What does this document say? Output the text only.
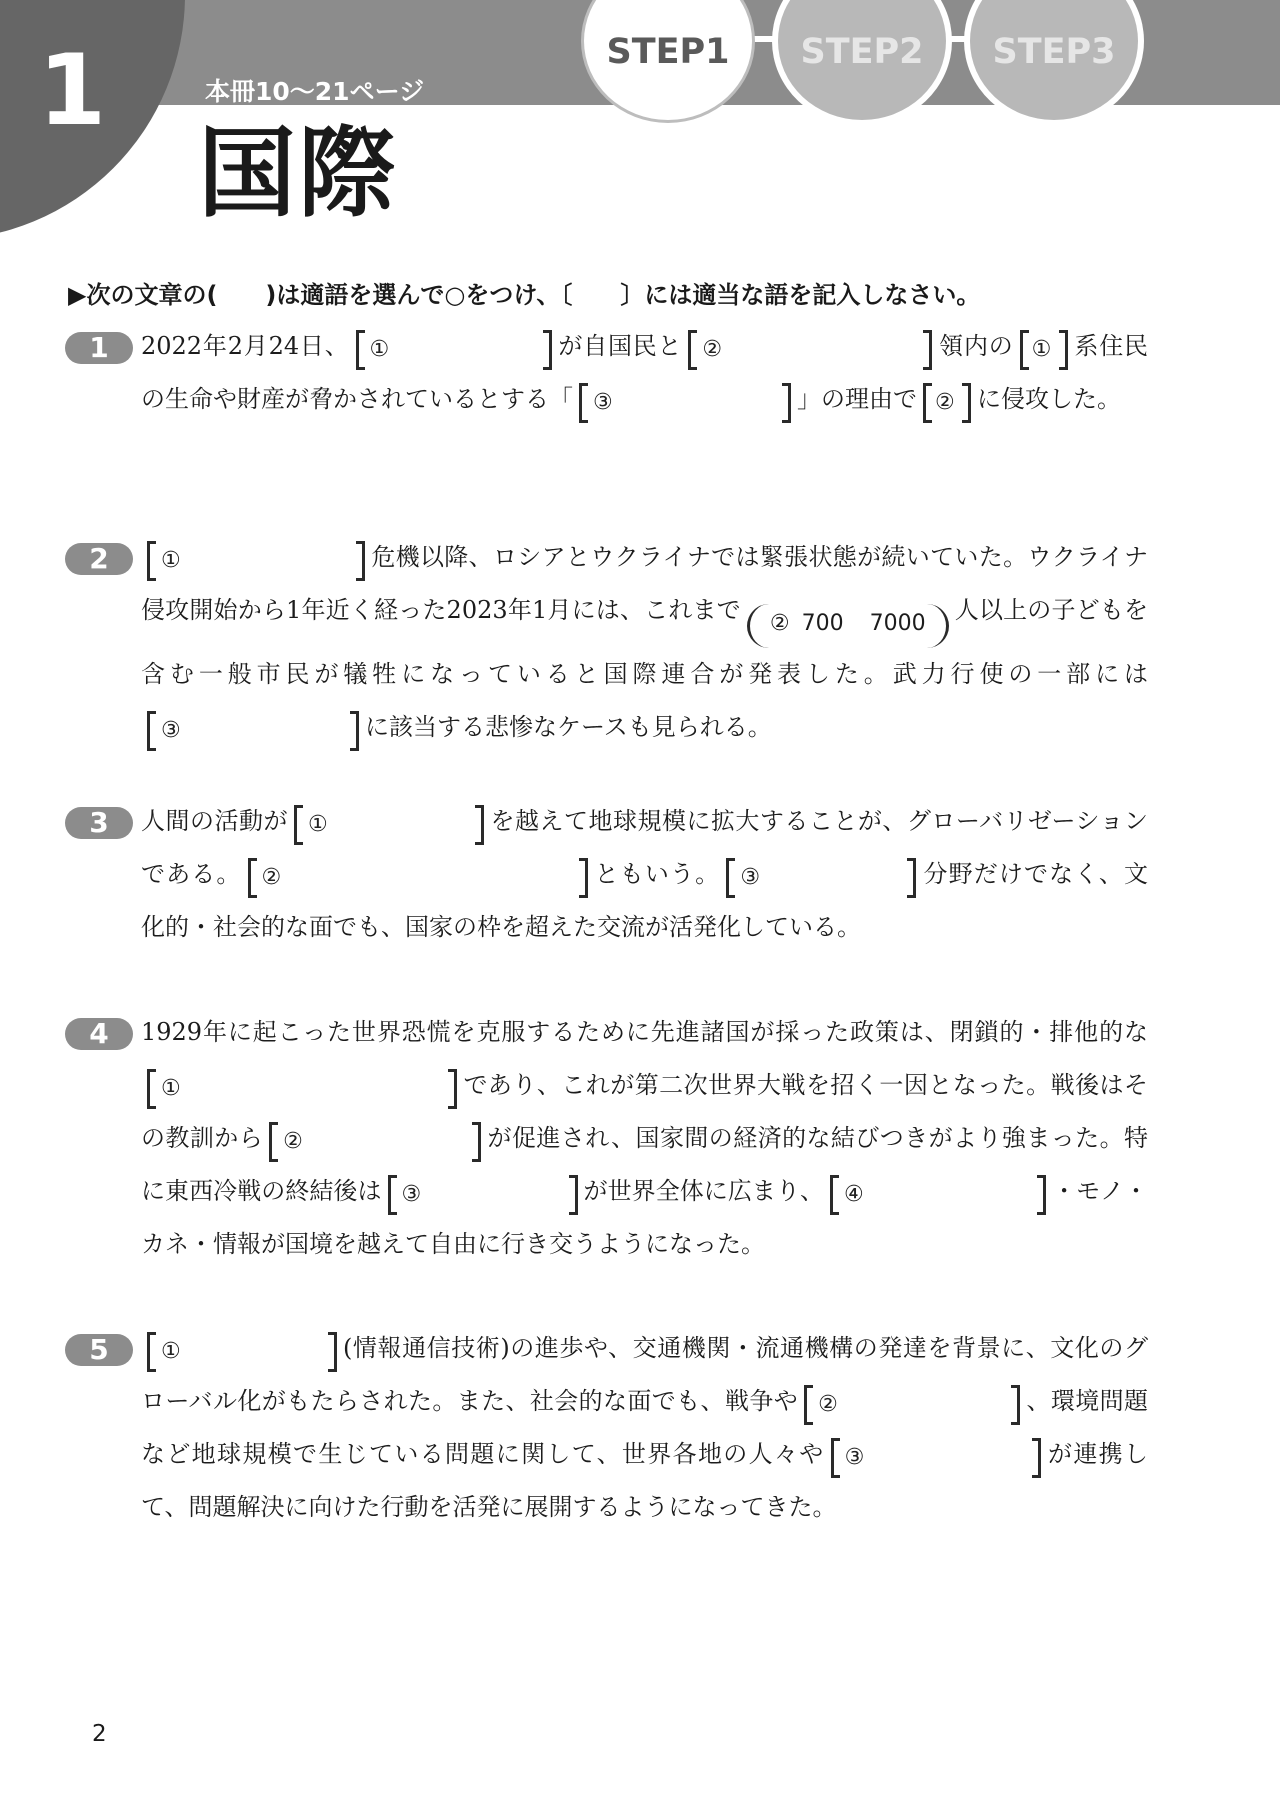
1	本冊10〜21ページ
国際
STEP1 STEP2 STEP3
▶次の文章の(　　)は適語を選んで○をつけ、〔　　〕には適当な語を記入しなさい。
1	2022年2月24日、 ①	が自国民と ②	領内の ① 系住民の生命や財産が脅かされているとする「 ③	」の理由で ② に侵攻した。

2	①	危機以降、ロシアとウクライナでは緊張状態が続いていた。ウクライナ侵攻開始から1年近く経った2023年1月には、これまで ② 700 7000 人以上の子どもを含む一般市民が犠牲になっていると国際連合が発表した。武力行使の一部には③	に該当する悲惨なケースも見られる。

3	人間の活動が ①	を越えて地球規模に拡大することが、グローバリゼーションである。 ②	ともいう。 ③	分野だけでなく、文化的・社会的な面でも、国家の枠を超えた交流が活発化している。

4	1929年に起こった世界恐慌を克服するために先進諸国が採った政策は、閉鎖的・排他的な①	であり、これが第二次世界大戦を招く一因となった。戦後はその教訓から ②	が促進され、国家間の経済的な結びつきがより強まった。特に東西冷戦の終結後は ③	が世界全体に広まり、 ④	・モノ・カネ・情報が国境を越えて自由に行き交うようになった。

5	①	(情報通信技術)の進歩や、交通機関・流通機構の発達を背景に、文化のグローバル化がもたらされた。また、社会的な面でも、戦争や ②	、環境問題など地球規模で生じている問題に関して、世界各地の人々や ③	が連携して、問題解決に向けた行動を活発に展開するようになってきた。

2
